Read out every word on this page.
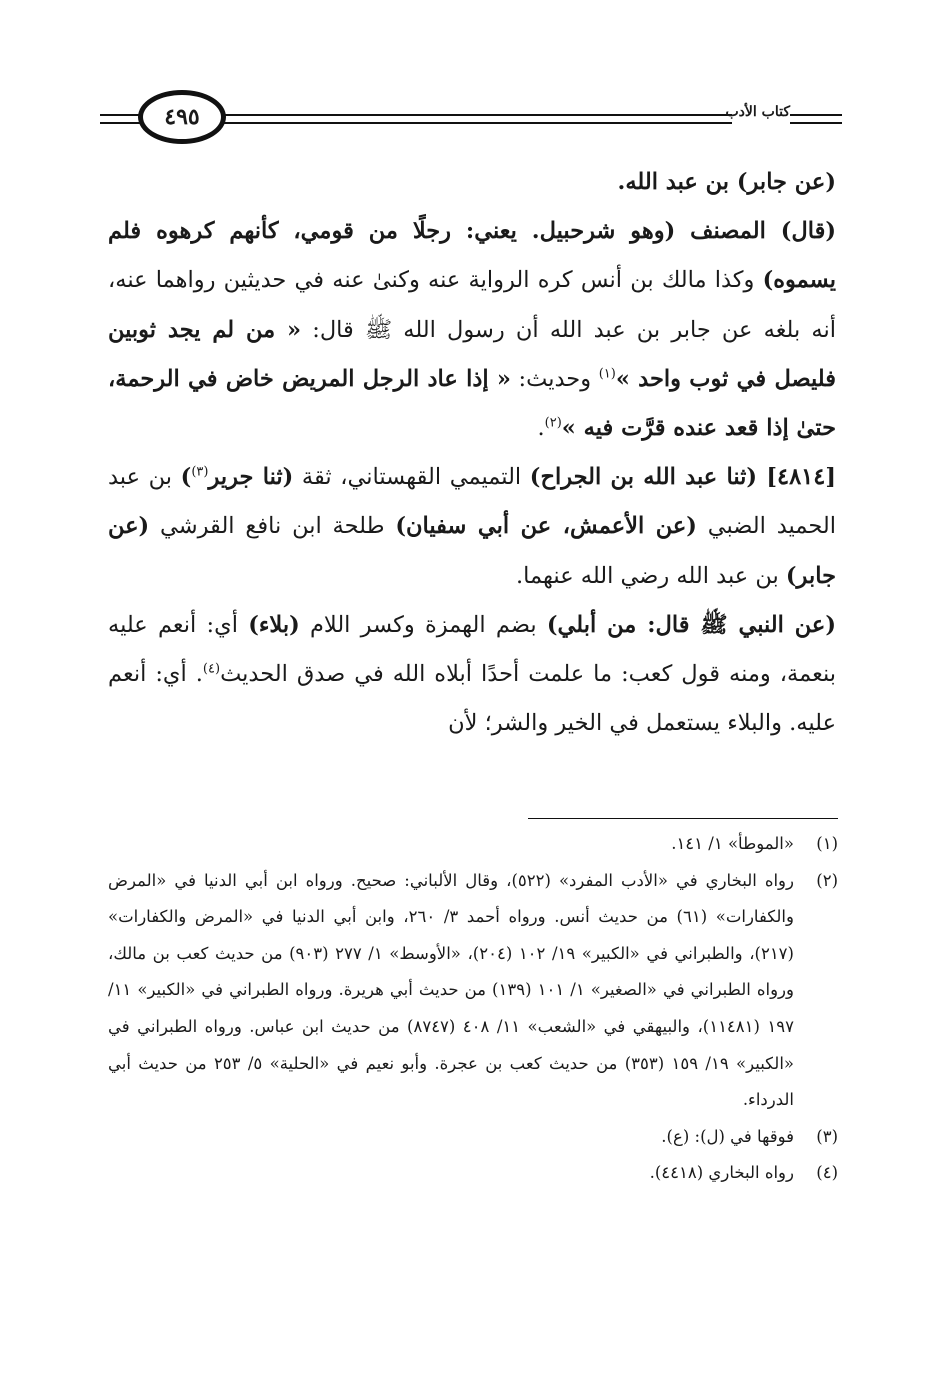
٤٩٥	كتاب الأدب

(عن جابر) بن عبد الله.

(قال) المصنف (وهو شرحبيل. يعني: رجلًا من قومي، كأنهم كرهوه فلم يسموه) وكذا مالك بن أنس كره الرواية عنه وكنىٰ عنه في حديثين رواهما عنه، أنه بلغه عن جابر بن عبد الله أن رسول الله ﷺ قال: « من لم يجد ثوبين فليصل في ثوب واحد »$^{(١)}$ وحديث: « إذا عاد الرجل المريض خاض في الرحمة، حتىٰ إذا قعد عنده قرَّت فيه »$^{(٢)}$.

[٤٨١٤] (ثنا عبد الله بن الجراح) التميمي القهستاني، ثقة (ثنا جرير$^{(٣)}$) بن عبد الحميد الضبي (عن الأعمش، عن أبي سفيان) طلحة ابن نافع القرشي (عن جابر) بن عبد الله رضي الله عنهما.

(عن النبي ﷺ قال: من أبلي) بضم الهمزة وكسر اللام (بلاء) أي: أنعم عليه بنعمة، ومنه قول كعب: ما علمت أحدًا أبلاه الله في صدق الحديث$^{(٤)}$. أي: أنعم عليه. والبلاء يستعمل في الخير والشر؛ لأن

(١)
«الموطأ» ١/ ١٤١.
(٢)
رواه البخاري في «الأدب المفرد» (٥٢٢)، وقال الألباني: صحيح. ورواه ابن أبي الدنيا في «المرض والكفارات» (٦١) من حديث أنس. ورواه أحمد ٣/ ٢٦٠، وابن أبي الدنيا في «المرض والكفارات» (٢١٧)، والطبراني في «الكبير» ١٩/ ١٠٢ (٢٠٤)، «الأوسط» ١/ ٢٧٧ (٩٠٣) من حديث كعب بن مالك، ورواه الطبراني في «الصغير» ١/ ١٠١ (١٣٩) من حديث أبي هريرة. ورواه الطبراني في «الكبير» ١١/ ١٩٧ (١١٤٨١)، والبيهقي في «الشعب» ١١/ ٤٠٨ (٨٧٤٧) من حديث ابن عباس. ورواه الطبراني في «الكبير» ١٩/ ١٥٩ (٣٥٣) من حديث كعب بن عجرة. وأبو نعيم في «الحلية» ٥/ ٢٥٣ من حديث أبي الدرداء.
(٣)
فوقها في (ل): (ع).
(٤)
رواه البخاري (٤٤١٨).
